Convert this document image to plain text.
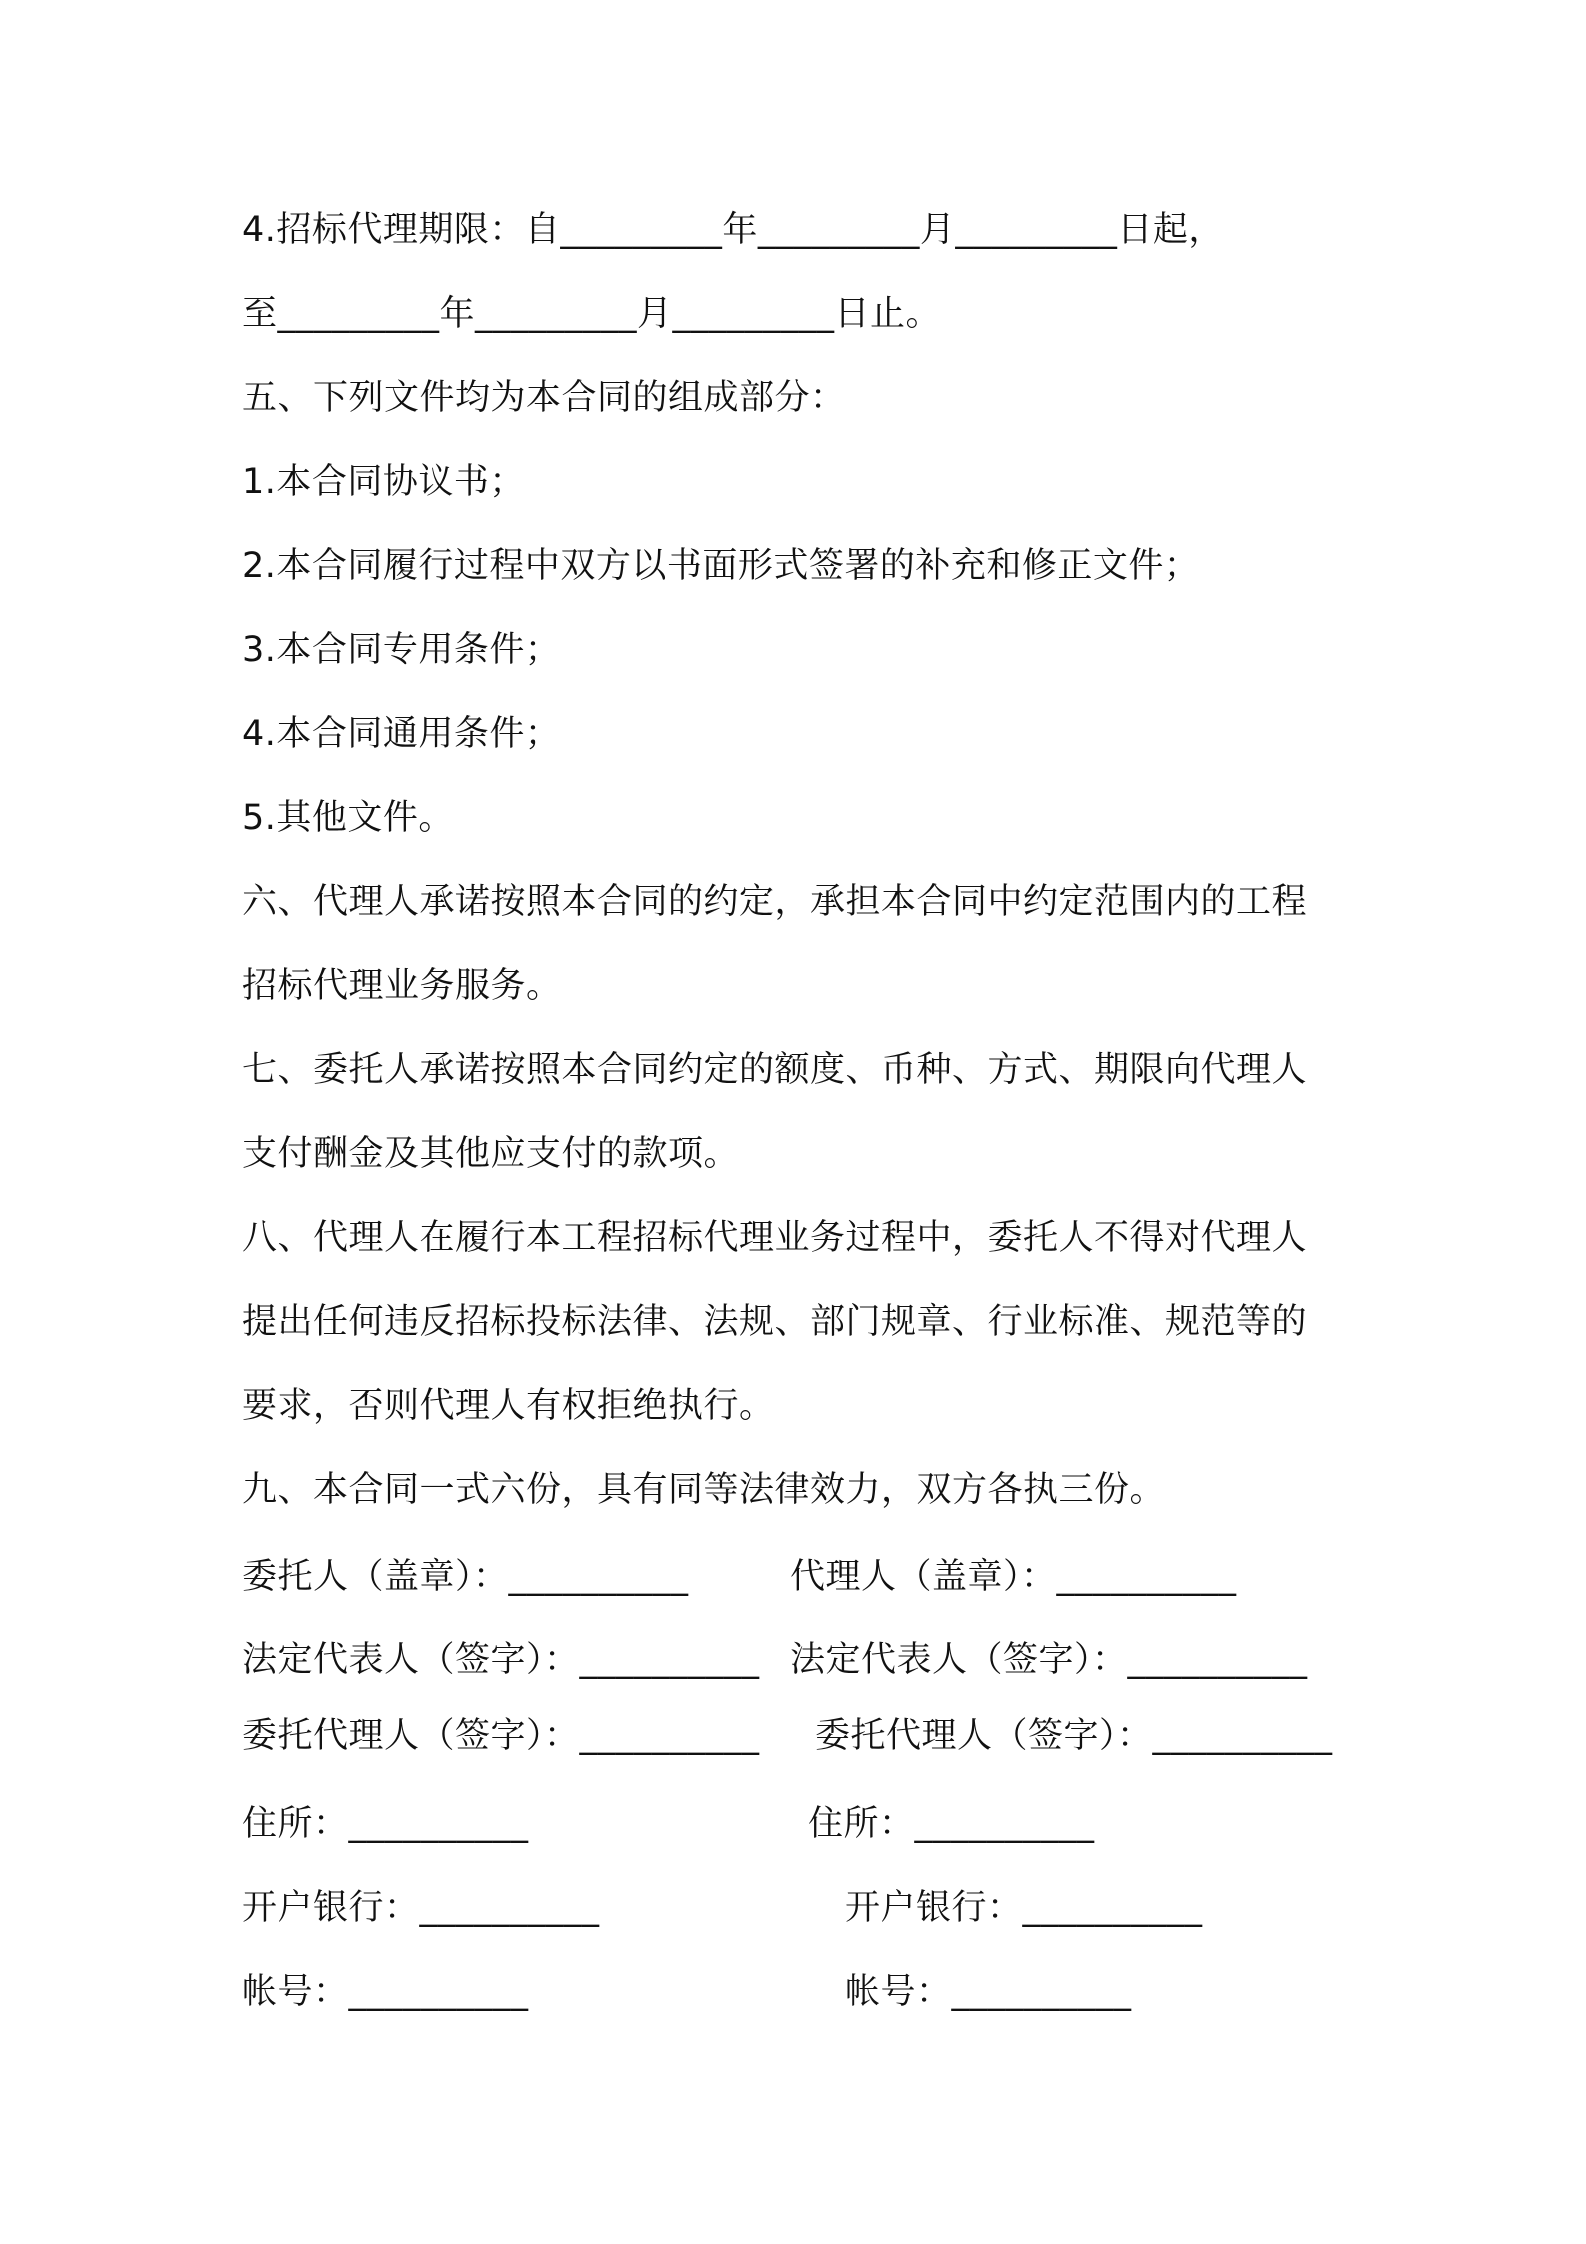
4.招标代理期限：自_________年_________月_________日起，
至_________年_________月_________日止。
五、下列文件均为本合同的组成部分：
1.本合同协议书；
2.本合同履行过程中双方以书面形式签署的补充和修正文件；
3.本合同专用条件；
4.本合同通用条件；
5.其他文件。
六、代理人承诺按照本合同的约定，承担本合同中约定范围内的工程
招标代理业务服务。
七、委托人承诺按照本合同约定的额度、币种、方式、期限向代理人
支付酬金及其他应支付的款项。
八、代理人在履行本工程招标代理业务过程中，委托人不得对代理人
提出任何违反招标投标法律、法规、部门规章、行业标准、规范等的
要求，否则代理人有权拒绝执行。
九、本合同一式六份，具有同等法律效力，双方各执三份。
委托人（盖章）：__________	代理人（盖章）：__________
法定代表人（签字）：__________ 法定代表人（签字）：__________
委托代理人（签字）：__________ 委托代理人（签字）：__________
住所：__________	住所：__________
开户银行：__________	开户银行：__________
帐号：__________	帐号：__________
